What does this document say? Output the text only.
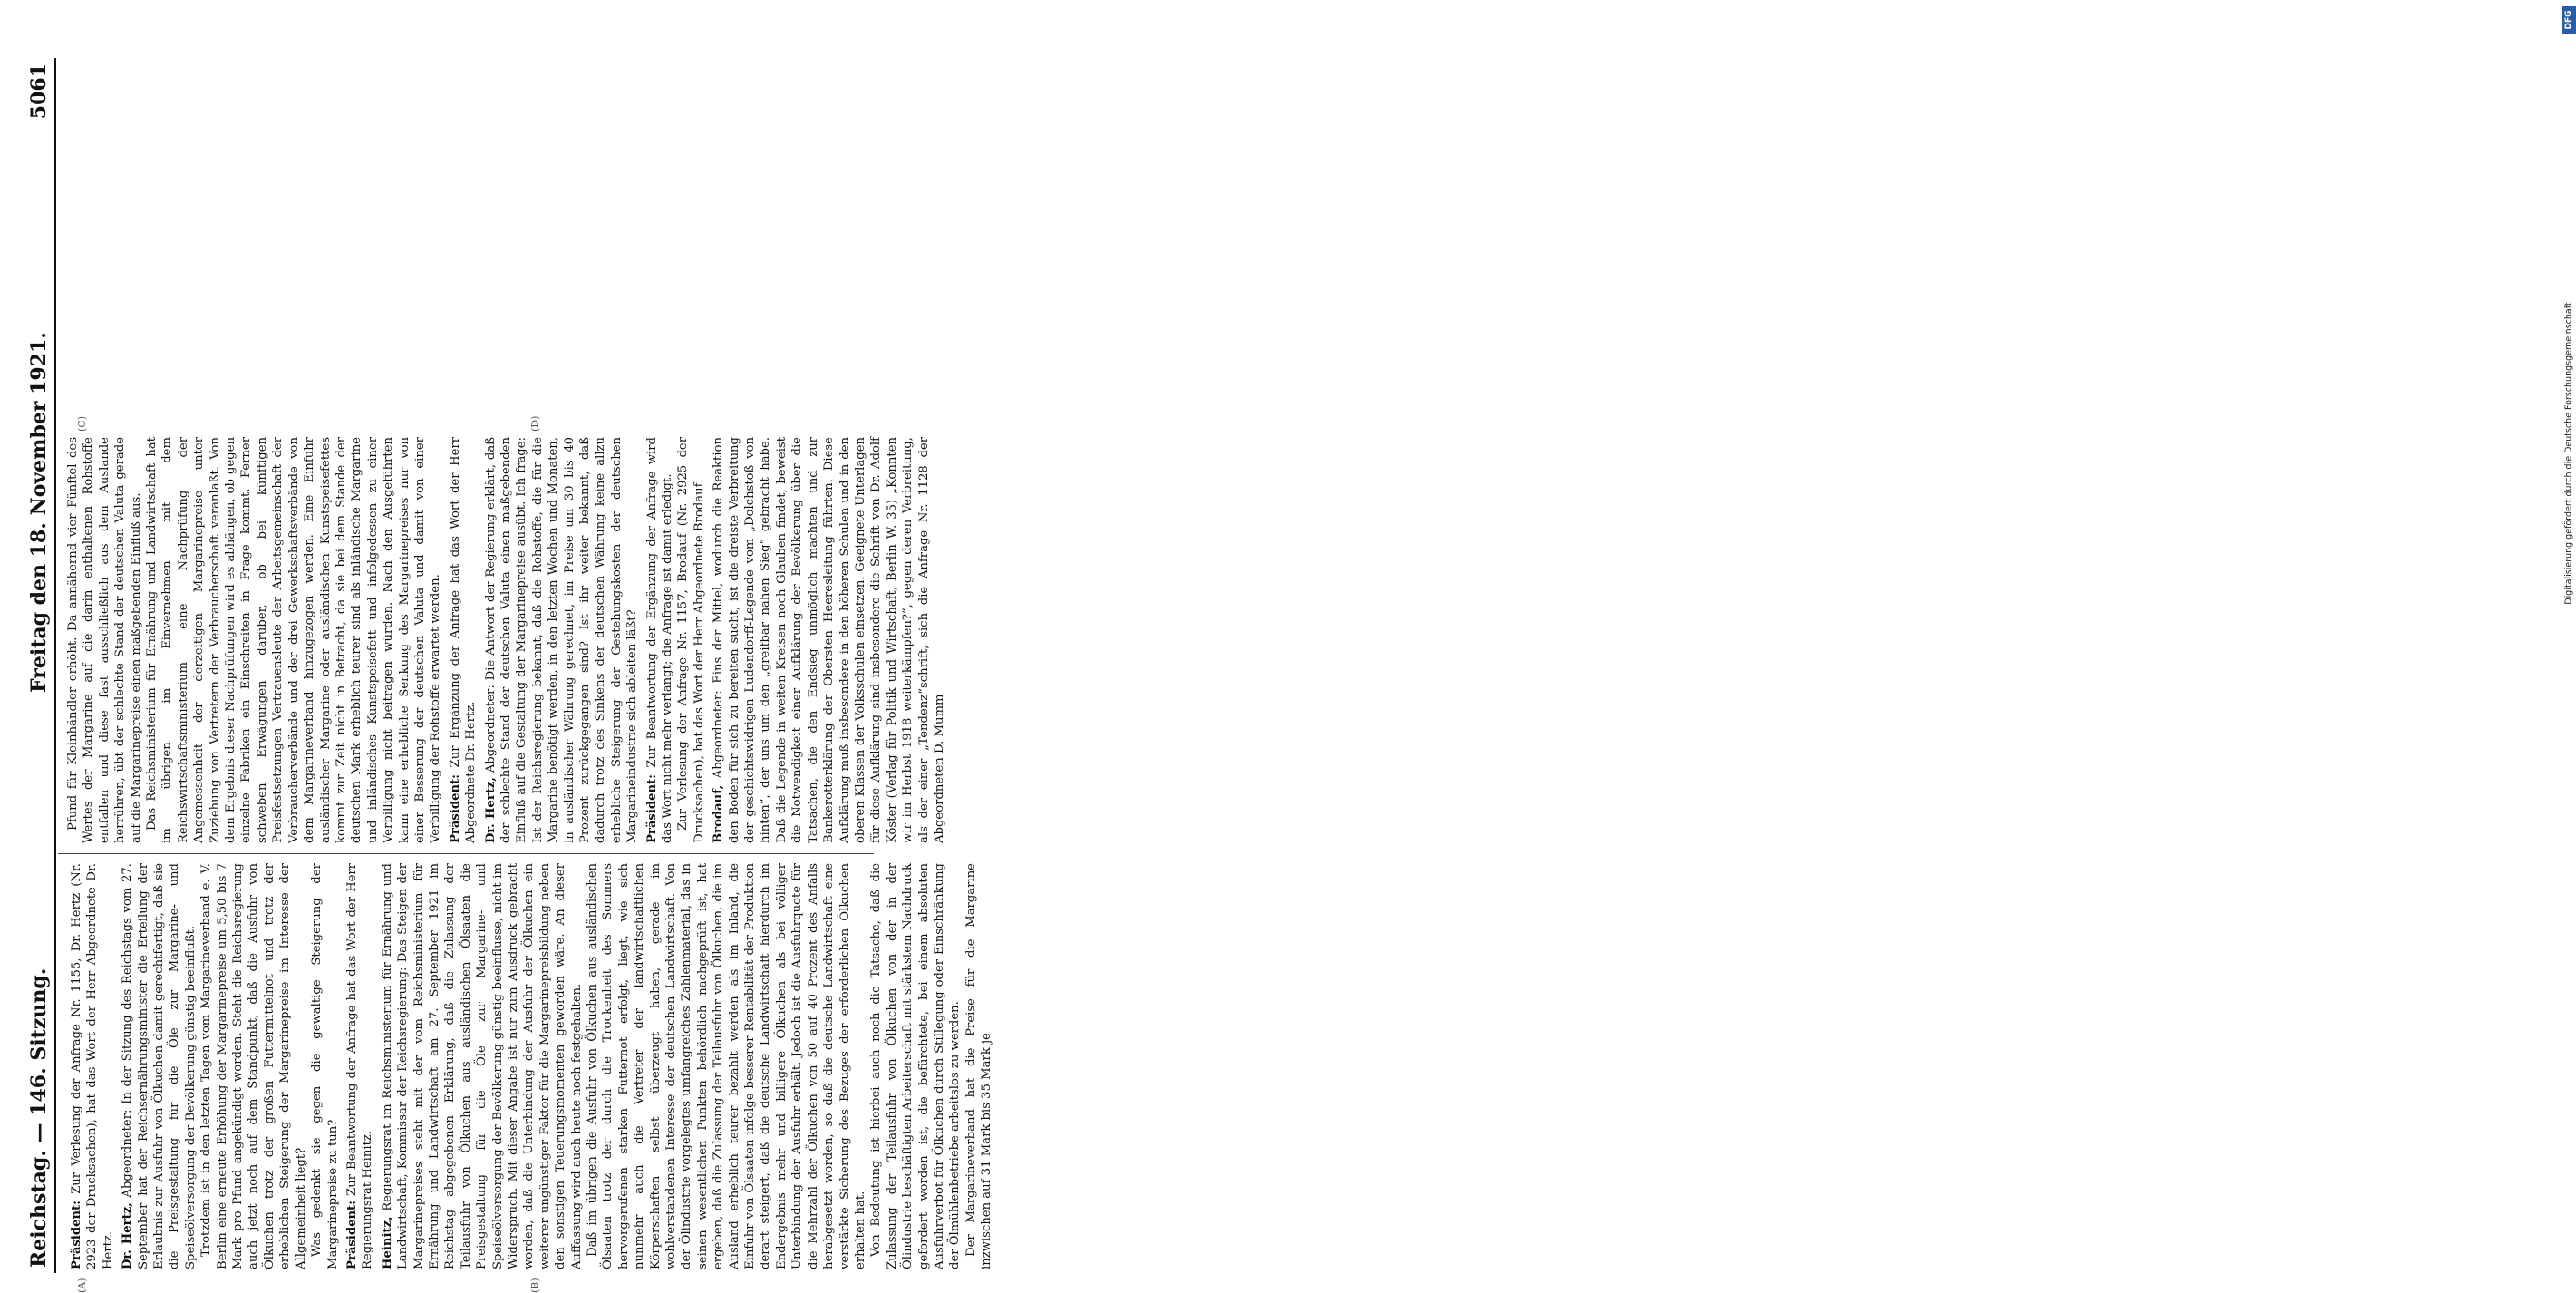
DFG
Digitalisierung gefördert durch die Deutsche Forschungsgemeinschaft
Reichstag. — 146. Sitzung.
Freitag den 18. November 1921.
5061

Präsident: Zur Verlesung der Anfrage Nr. 1155, Dr. Hertz (Nr. 2923 der Drucksachen), hat das Wort der Herr Abgeordnete Dr. Hertz. Dr. Hertz, Abgeordneter: In der Sitzung des Reichstags vom 27. September hat der Reichsernährungsminister die Erteilung der Erlaubnis zur Ausfuhr von Ölkuchen damit gerechtfertigt, daß sie die Preisgestaltung für die Öle zur Margarine- und Speiseölversorgung der Bevölkerung günstig beeinflußt. Trotzdem ist in den letzten Tagen vom Margarineverband e. V. Berlin eine erneute Erhöhung der Margarinepreise um 5,50 bis 7 Mark pro Pfund angekündigt worden. Steht die Reichsregierung auch jetzt noch auf dem Standpunkt, daß die Ausfuhr von Ölkuchen trotz der großen Futtermittelnot und trotz der erheblichen Steigerung der Margarinepreise im Interesse der Allgemeinheit liegt? Was gedenkt sie gegen die gewaltige Steigerung der Margarinepreise zu tun? Präsident: Zur Beantwortung der Anfrage hat das Wort der Herr Regierungsrat Heinitz. Heinitz, Regierungsrat im Reichsministerium für Ernährung und Landwirtschaft, Kommissar der Reichsregierung: Das Steigen der Margarinepreises steht mit der vom Reichsministerium für Ernährung und Landwirtschaft am 27. September 1921 im Reichstag abgegebenen Erklärung, daß die Zulassung der Teilausfuhr von Ölkuchen aus ausländischen Ölsaaten die Preisgestaltung für die Öle zur Margarine- und Speiseölversorgung der Bevölkerung günstig beeinflusse, nicht im Widerspruch. Mit dieser Angabe ist nur zum Ausdruck gebracht worden, daß die Unterbindung der Ausfuhr der Ölkuchen ein weiterer ungünstiger Faktor für die Margarinepreisbildung neben den sonstigen Teuerungsmomenten geworden wäre. An dieser Auffassung wird auch heute noch festgehalten. Daß im übrigen die Ausfuhr von Ölkuchen aus ausländischen Ölsaaten trotz der durch die Trockenheit des Sommers hervorgerufenen starken Futternot erfolgt, liegt, wie sich nunmehr auch die Vertreter der landwirtschaftlichen Körperschaften selbst überzeugt haben, gerade im wohlverstandenen Interesse der deutschen Landwirtschaft. Von der Ölindustrie vorgelegtes umfangreiches Zahlenmaterial, das in seinen wesentlichen Punkten behördlich nachgeprüft ist, hat ergeben, daß die Zulassung der Teilausfuhr von Ölkuchen, die im Ausland erheblich teurer bezahlt werden als im Inland, die Einfuhr von Ölsaaten infolge besserer Rentabilität der Produktion derart steigert, daß die deutsche Landwirtschaft hierdurch im Endergebnis mehr und billigere Ölkuchen als bei völliger Unterbindung der Ausfuhr erhält. Jedoch ist die Ausfuhrquote für die Mehrzahl der Ölkuchen von 50 auf 40 Prozent des Anfalls herabgesetzt worden, so daß die deutsche Landwirtschaft eine verstärkte Sicherung des Bezuges der erforderlichen Ölkuchen erhalten hat. Von Bedeutung ist hierbei auch noch die Tatsache, daß die Zulassung der Teilausfuhr von Ölkuchen von der in der Ölindustrie beschäftigten Arbeiterschaft mit stärkstem Nachdruck gefordert worden ist, die befürchtete, bei einem absoluten Ausfuhrverbot für Ölkuchen durch Stillegung oder Einschränkung der Ölmühlenbetriebe arbeitslos zu werden. Der Margarineverband hat die Preise für die Margarine inzwischen auf 31 Mark bis 35 Mark je

Pfund für Kleinhändler erhöht. Da annähernd vier Fünftel des Wertes der Margarine auf die darin enthaltenen Rohstoffe entfallen und diese fast ausschließlich aus dem Auslande herrühren, übt der schlechte Stand der deutschen Valuta gerade auf die Margarinepreise einen maßgebenden Einfluß aus. Das Reichsministerium für Ernährung und Landwirtschaft hat im übrigen im Einvernehmen mit dem Reichswirtschaftsministerium eine Nachprüfung der Angemessenheit der derzeitigen Margarinepreise unter Zuziehung von Vertretern der Verbraucherschaft veranlaßt. Von dem Ergebnis dieser Nachprüfungen wird es abhängen, ob gegen einzelne Fabriken ein Einschreiten in Frage kommt. Ferner schweben Erwägungen darüber, ob bei künftigen Preisfestsetzungen Vertrauensleute der Arbeitsgemeinschaft der Verbraucherverbände und der drei Gewerkschaftsverbände von dem Margarineverband hinzugezogen werden. Eine Einfuhr ausländischer Margarine oder ausländischen Kunstspeisefettes kommt zur Zeit nicht in Betracht, da sie bei dem Stande der deutschen Mark erheblich teurer sind als inländische Margarine und inländisches Kunstspeisefett und infolgedessen zu einer Verbilligung nicht beitragen würden. Nach den Ausgeführten kann eine erhebliche Senkung des Margarinepreises nur von einer Besserung der deutschen Valuta und damit von einer Verbilligung der Rohstoffe erwartet werden. Präsident: Zur Ergänzung der Anfrage hat das Wort der Herr Abgeordnete Dr. Hertz. Dr. Hertz, Abgeordneter: Die Antwort der Regierung erklärt, daß der schlechte Stand der deutschen Valuta einen maßgebenden Einfluß auf die Gestaltung der Margarinepreise ausübt. Ich frage: Ist der Reichsregierung bekannt, daß die Rohstoffe, die für die Margarine benötigt werden, in den letzten Wochen und Monaten, in ausländischer Währung gerechnet, im Preise um 30 bis 40 Prozent zurückgegangen sind? Ist ihr weiter bekannt, daß dadurch trotz des Sinkens der deutschen Währung keine allzu erhebliche Steigerung der Gestehungskosten der deutschen Margarineindustrie sich ableiten läßt? Präsident: Zur Beantwortung der Ergänzung der Anfrage wird das Wort nicht mehr verlangt; die Anfrage ist damit erledigt. Zur Verlesung der Anfrage Nr. 1157, Brodauf (Nr. 2925 der Drucksachen), hat das Wort der Herr Abgeordnete Brodauf. Brodauf, Abgeordneter: Eins der Mittel, wodurch die Reaktion den Boden für sich zu bereiten sucht, ist die dreiste Verbreitung der geschichtswidrigen Ludendorff-Legende vom „Dolchstoß von hinten“, der uns um den „greifbar nahen Sieg“ gebracht habe. Daß die Legende in weiten Kreisen noch Glauben findet, beweist die Notwendigkeit einer Aufklärung der Bevölkerung über die Tatsachen, die den Endsieg unmöglich machten und zur Bankerotterklärung der Obersten Heeresleitung führten. Diese Aufklärung muß insbesondere in den höheren Schulen und in den oberen Klassen der Volksschulen einsetzen. Geeignete Unterlagen für diese Aufklärung sind insbesondere die Schrift von Dr. Adolf Köster (Verlag für Politik und Wirtschaft, Berlin W. 35) „Konnten wir im Herbst 1918 weiterkämpfen?“, gegen deren Verbreitung, als der einer „Tendenz“schrift, sich die Anfrage Nr. 1128 der Abgeordneten D. Mumm

(A)	(B)
(C)	(D)
